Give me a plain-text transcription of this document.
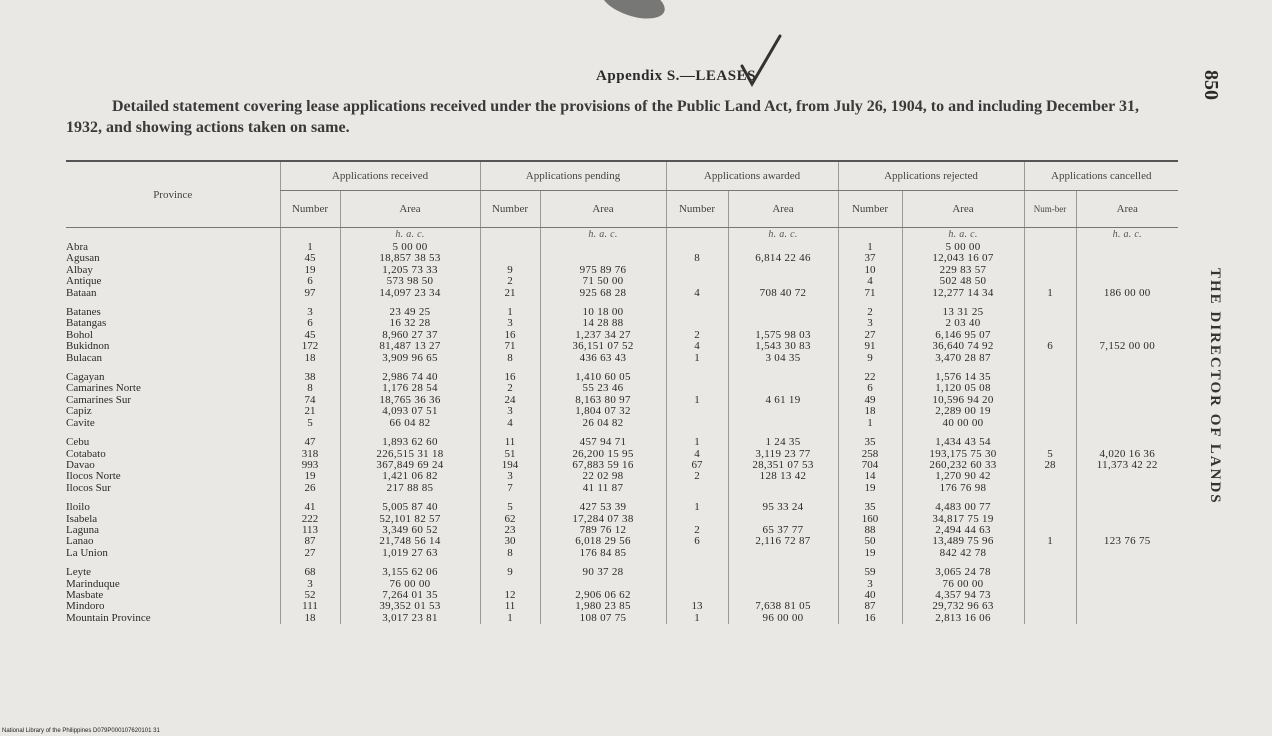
Appendix S.—LEASES
Detailed statement covering lease applications received under the provisions of the Public Land Act, from July 26, 1904, to and including December 31, 1932, and showing actions taken on same.
850
THE DIRECTOR OF LANDS
Province	Applications received		Applications pending		Applications awarded		Applications rejected		Applications cancelled	
	Number	Area	Number	Area	Number	Area	Number	Area	Num-ber	Area
		h. a. c.		h. a. c.		h. a. c.		h. a. c.		h. a. c.
Abra	1	5 00 00					1	5 00 00		
Agusan	45	18,857 38 53			8	6,814 22 46	37	12,043 16 07		
Albay	19	1,205 73 33	9	975 89 76			10	229 83 57		
Antique	6	573 98 50	2	71 50 00			4	502 48 50		
Bataan	97	14,097 23 34	21	925 68 28	4	708 40 72	71	12,277 14 34	1	186 00 00

Batanes	3	23 49 25	1	10 18 00			2	13 31 25		
Batangas	6	16 32 28	3	14 28 88			3	2 03 40		
Bohol	45	8,960 27 37	16	1,237 34 27	2	1,575 98 03	27	6,146 95 07		
Bukidnon	172	81,487 13 27	71	36,151 07 52	4	1,543 30 83	91	36,640 74 92	6	7,152 00 00
Bulacan	18	3,909 96 65	8	436 63 43	1	3 04 35	9	3,470 28 87		

Cagayan	38	2,986 74 40	16	1,410 60 05			22	1,576 14 35		
Camarines Norte	8	1,176 28 54	2	55 23 46			6	1,120 05 08		
Camarines Sur	74	18,765 36 36	24	8,163 80 97	1	4 61 19	49	10,596 94 20		
Capiz	21	4,093 07 51	3	1,804 07 32			18	2,289 00 19		
Cavite	5	66 04 82	4	26 04 82			1	40 00 00		

Cebu	47	1,893 62 60	11	457 94 71	1	1 24 35	35	1,434 43 54		
Cotabato	318	226,515 31 18	51	26,200 15 95	4	3,119 23 77	258	193,175 75 30	5	4,020 16 36
Davao	993	367,849 69 24	194	67,883 59 16	67	28,351 07 53	704	260,232 60 33	28	11,373 42 22
Ilocos Norte	19	1,421 06 82	3	22 02 98	2	128 13 42	14	1,270 90 42		
Ilocos Sur	26	217 88 85	7	41 11 87			19	176 76 98		

Iloilo	41	5,005 87 40	5	427 53 39	1	95 33 24	35	4,483 00 77		
Isabela	222	52,101 82 57	62	17,284 07 38			160	34,817 75 19		
Laguna	113	3,349 60 52	23	789 76 12	2	65 37 77	88	2,494 44 63		
Lanao	87	21,748 56 14	30	6,018 29 56	6	2,116 72 87	50	13,489 75 96	1	123 76 75
La Union	27	1,019 27 63	8	176 84 85			19	842 42 78		

Leyte	68	3,155 62 06	9	90 37 28			59	3,065 24 78		
Marinduque	3	76 00 00					3	76 00 00		
Masbate	52	7,264 01 35	12	2,906 06 62			40	4,357 94 73		
Mindoro	111	39,352 01 53	11	1,980 23 85	13	7,638 81 05	87	29,732 96 63		
Mountain Province	18	3,017 23 81	1	108 07 75	1	96 00 00	16	2,813 16 06		
National Library of the Philippines D079P000107620101 31
